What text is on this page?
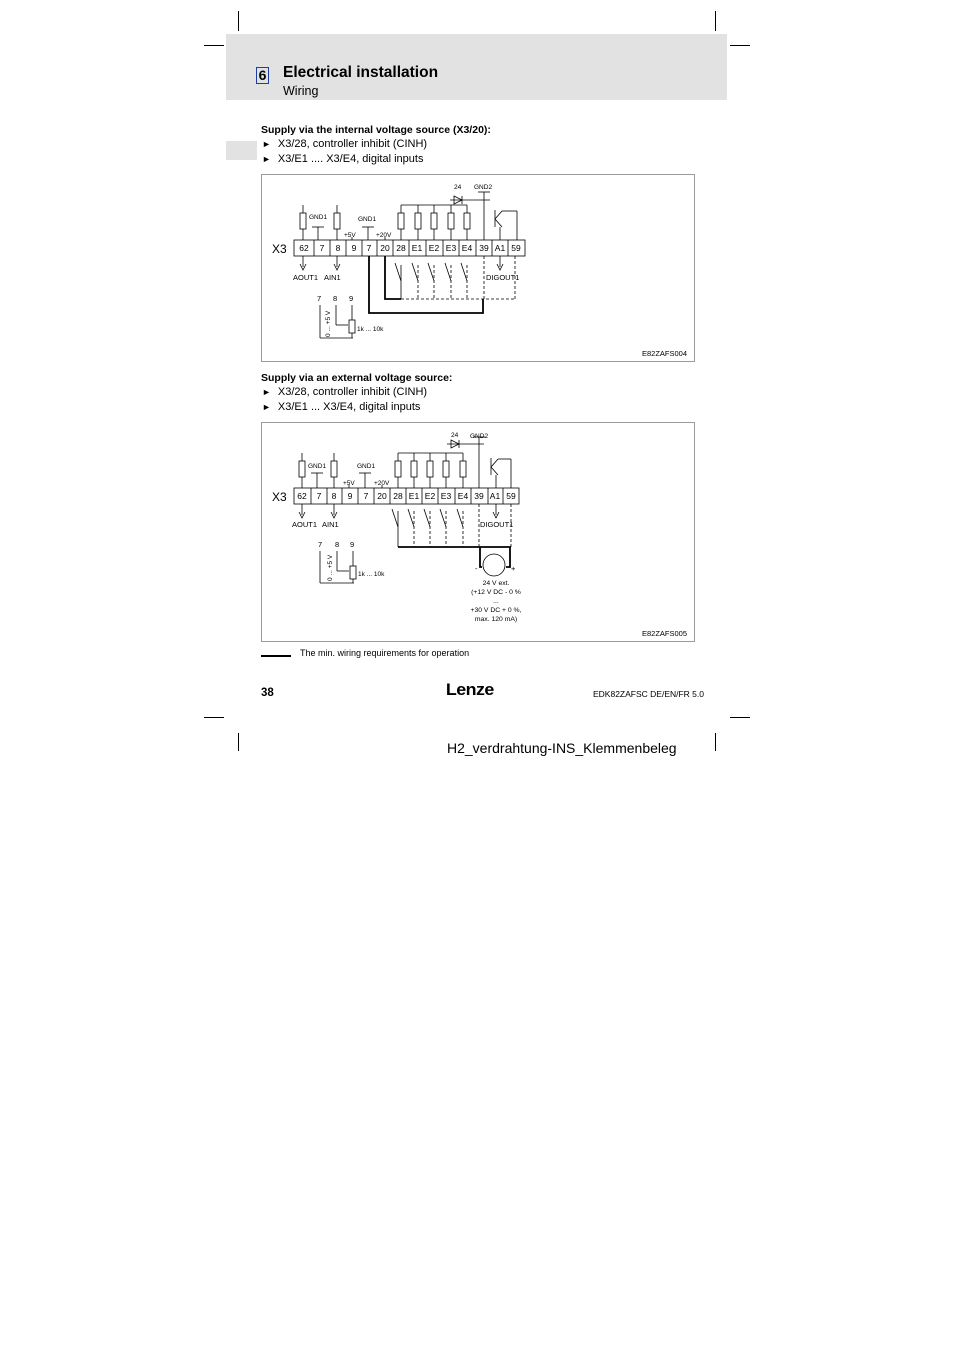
6 Electrical installation
Wiring
Supply via the internal voltage source (X3/20):
► X3/28, controller inhibit (CINH)
► X3/E1 .... X3/E4, digital inputs
X3 62 7 8 9 7 20 28 E1 E2 E3 E4 39 A1 59
GND1	GND1
GND2
+5V	+20V
24
1k ... 10k
AOUT1 AIN1	DIGOUT1
7 8 9
0 ... +5 V
E82ZAFS004
Supply via an external voltage source:
► X3/28, controller inhibit (CINH)
► X3/E1 ... X3/E4, digital inputs
X3 62 7 8 9 7 20 28 E1 E2 E3 E4 39 A1 59
GND1	GND1
GND2
+5V	+20V
24
1k ... 10k
AOUT1 AIN1	DIGOUT1
7 8 9
-	+
0 ... +5 V
24 V ext.
(+12 V DC - 0 %
...
+30 V DC + 0 %,
max. 120 mA)
E82ZAFS005
The min. wiring requirements for operation
38	Lenze	EDK82ZAFSC DE/EN/FR 5.0
H2_verdrahtung-INS_Klemmenbeleg
